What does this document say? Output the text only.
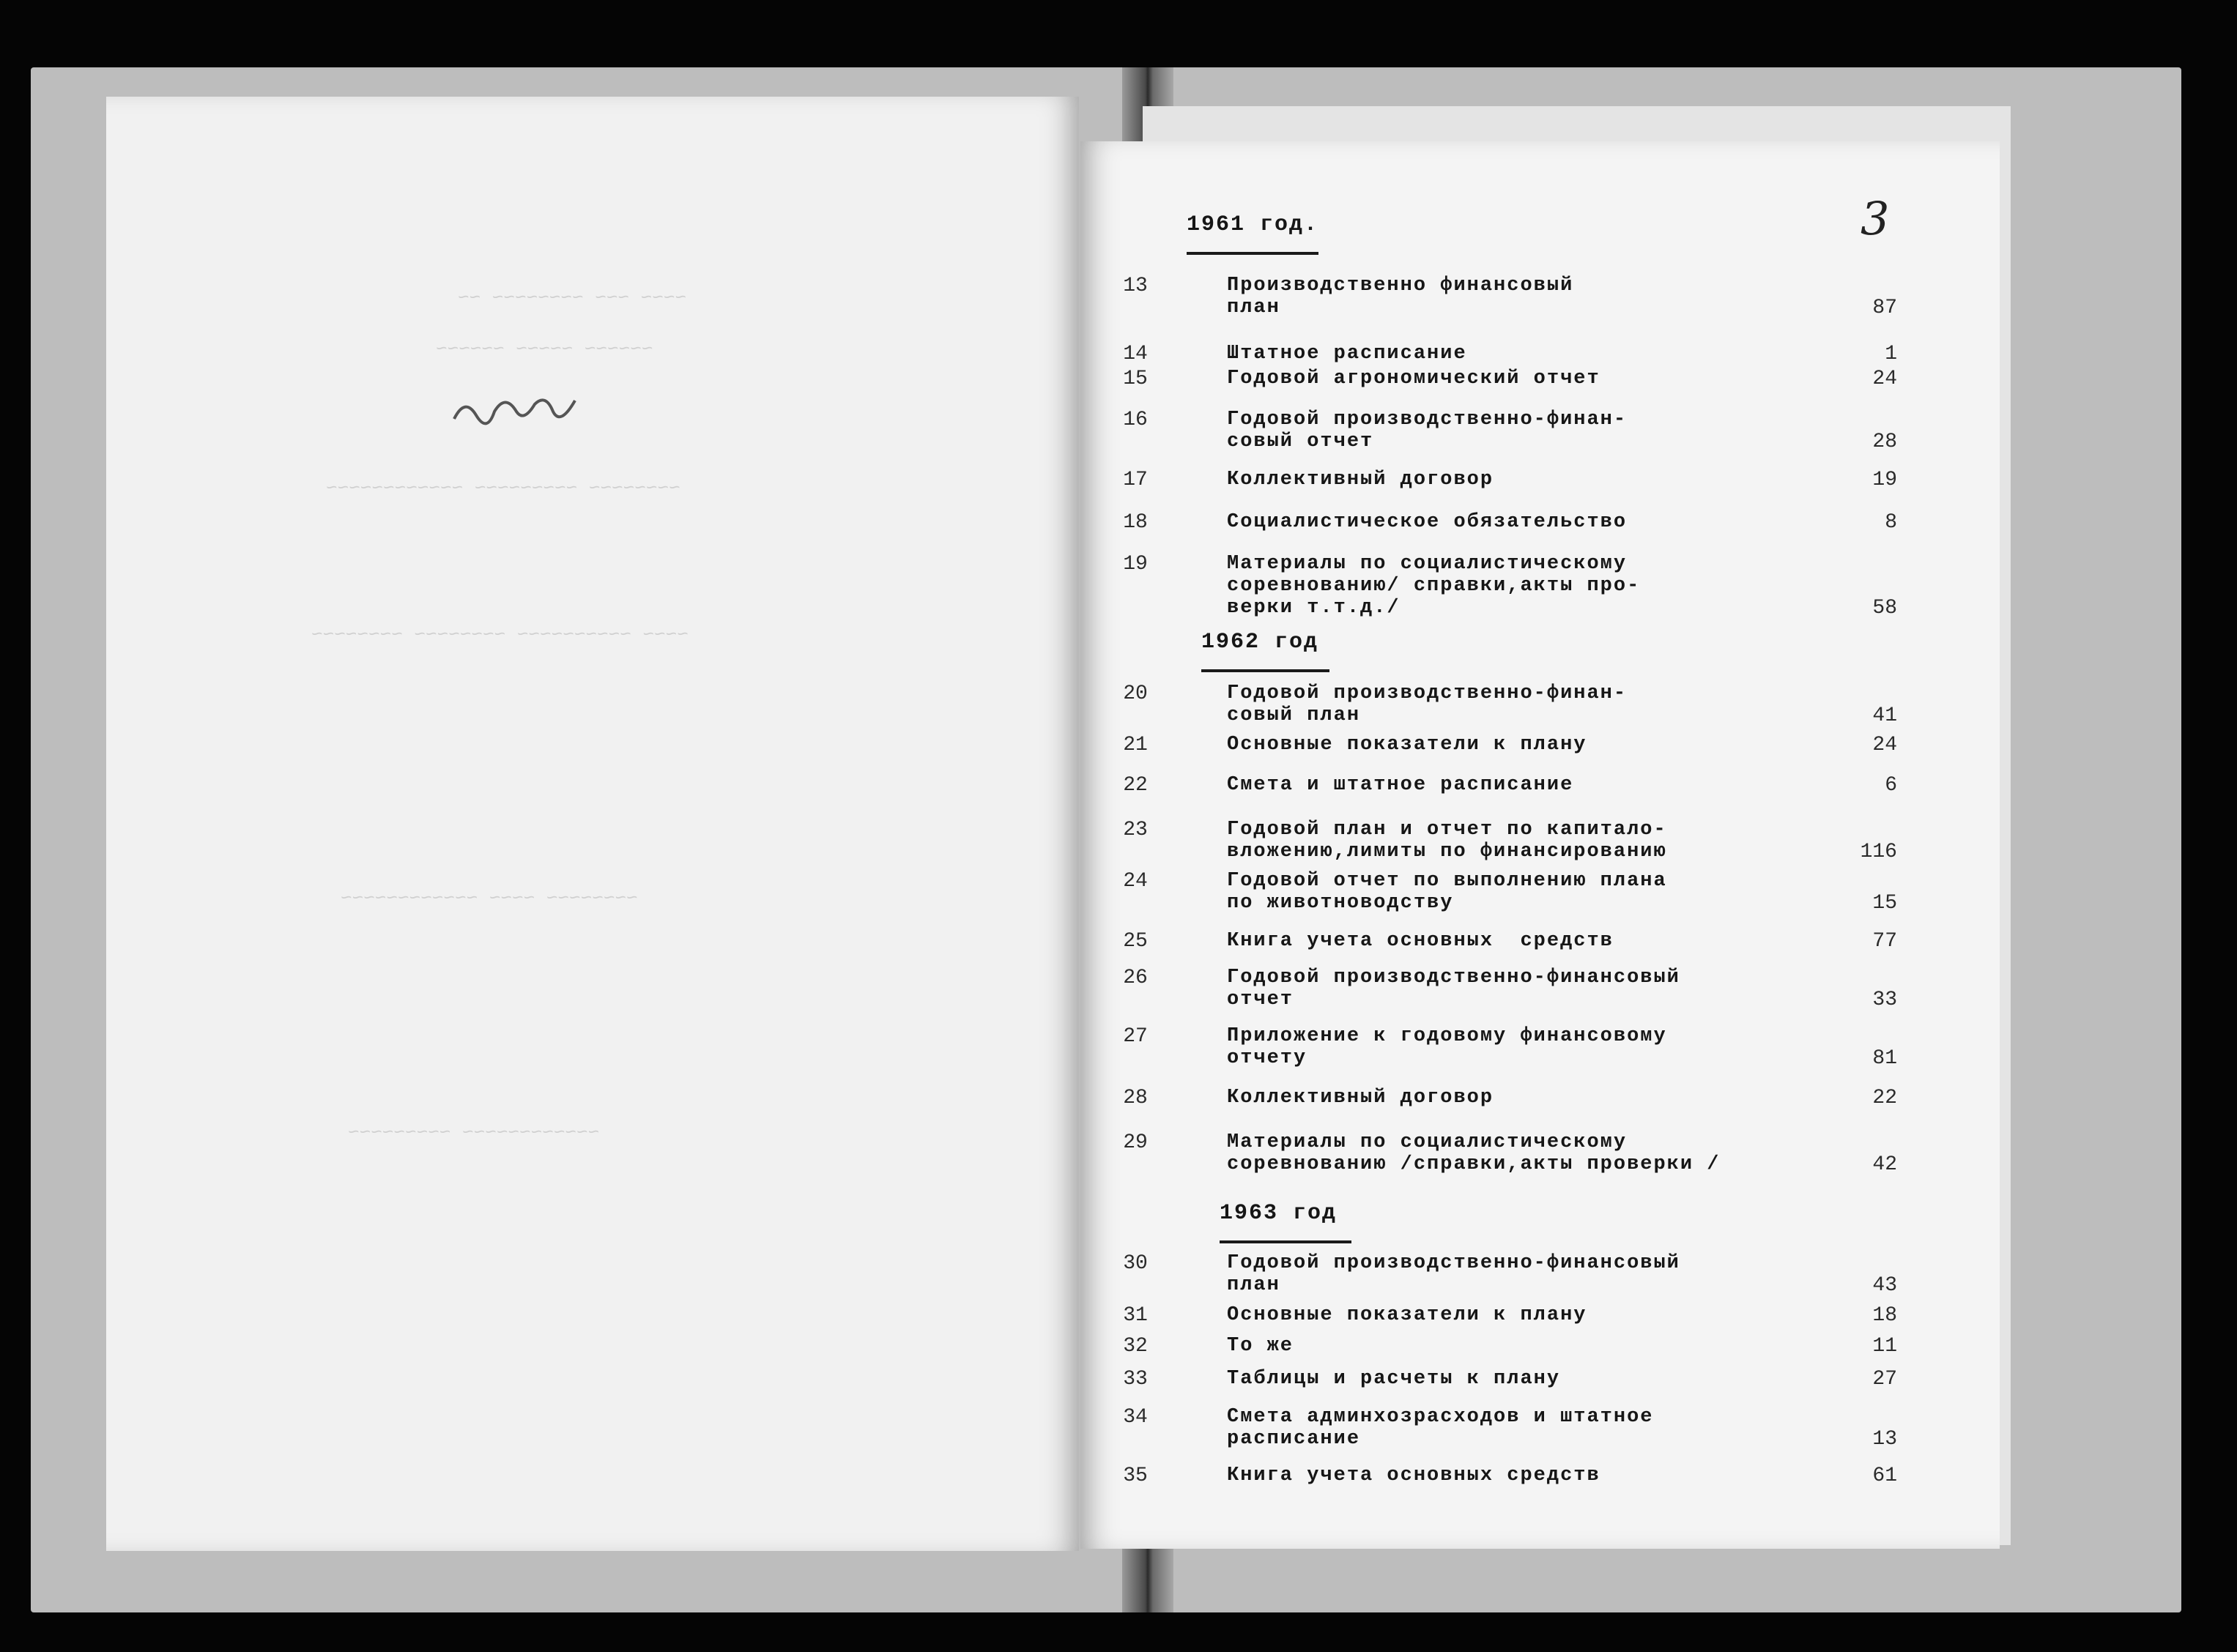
~~~~ ~~~ ~~~~~~~~ ~~
~~~~~~ ~~~~~ ~~~~~~
~~~~~~~~ ~~~~~~~~~ ~~~~~~~~~~~~
~~~~ ~~~~~~~~~~ ~~~~~~~~ ~~~~~~~~
~~~~~~~~ ~~~~ ~~~~~~~~~~~~
~~~~~~~~~~~~ ~~~~~~~~~
1961 год.
13	Производственно финансовый
план	87
14	Штатное расписание	1
15	Годовой агрономический отчет	24
16	Годовой производственно-финан-
совый отчет	28
17	Коллективный договор	19
18	Социалистическое обязательство	8
19	Материалы по социалистическому
соревнованию/ справки,акты про-
верки т.т.д./	58
1962 год
20	Годовой производственно-финан-
совый план	41
21	Основные показатели к плану	24
22	Смета и штатное расписание	6
23	Годовой план и отчет по капитало-
вложению,лимиты по финансированию	116
24	Годовой отчет по выполнению плана
по животноводству	15
25	Книга учета основных  средств	77
26	Годовой производственно-финансовый
отчет	33
27	Приложение к годовому финансовому
отчету	81
28	Коллективный договор	22
29	Материалы по социалистическому
соревнованию /справки,акты проверки /	42
1963 год
30	Годовой производственно-финансовый
план	43
31	Основные показатели к плану	18
32	То же	11
33	Таблицы и расчеты к плану	27
34	Смета админхозрасходов и штатное
расписание	13
35	Книга учета основных средств	61
3
